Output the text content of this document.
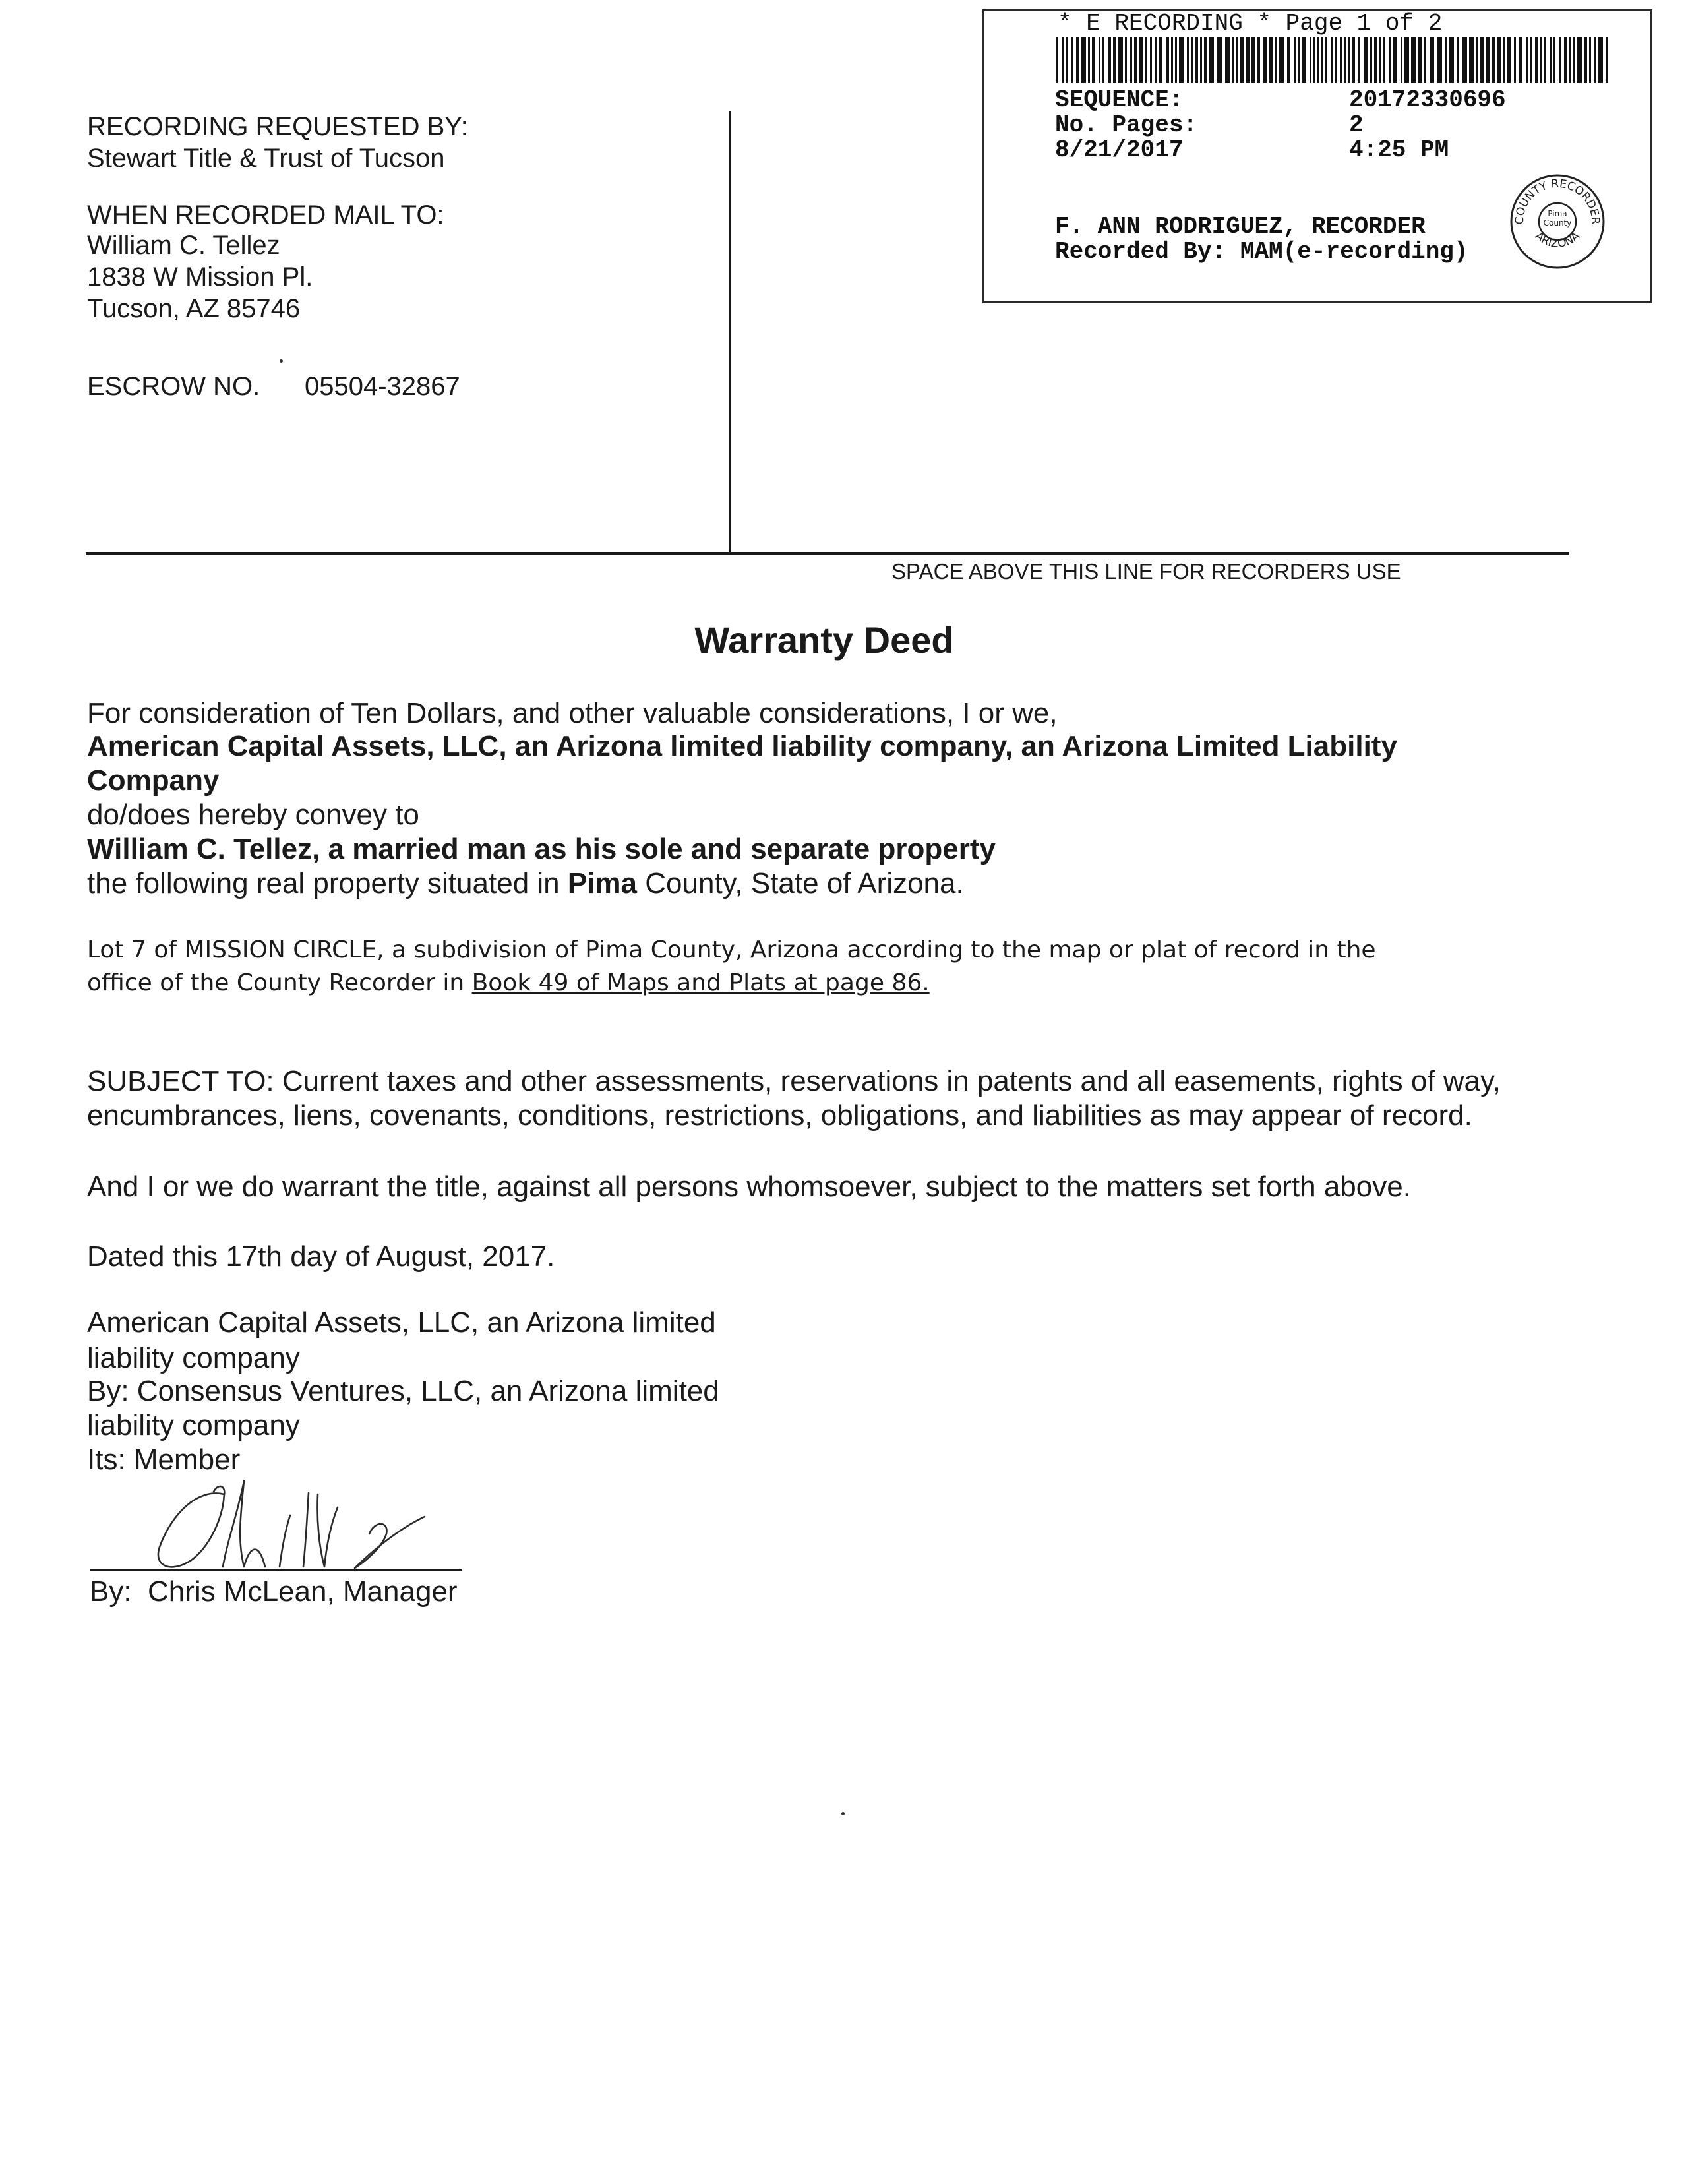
* E RECORDING * Page 1 of 2
SEQUENCE:	20172330696
No. Pages:	2
8/21/2017	4:25 PM
F. ANN RODRIGUEZ, RECORDER
Recorded By: MAM(e-recording)
COUNTY RECORDER
ARIZONA
Pima County
RECORDING REQUESTED BY:
Stewart Title & Trust of Tucson
WHEN RECORDED MAIL TO:
William C. Tellez
1838 W Mission Pl.
Tucson, AZ 85746
ESCROW NO. 05504-32867
SPACE ABOVE THIS LINE FOR RECORDERS USE
Warranty Deed
For consideration of Ten Dollars, and other valuable considerations, I or we,
American Capital Assets, LLC, an Arizona limited liability company, an Arizona Limited Liability
Company
do/does hereby convey to
William C. Tellez, a married man as his sole and separate property
the following real property situated in Pima County, State of Arizona.
Lot 7 of MISSION CIRCLE, a subdivision of Pima County, Arizona according to the map or plat of record in the
office of the County Recorder in Book 49 of Maps and Plats at page 86.
SUBJECT TO: Current taxes and other assessments, reservations in patents and all easements, rights of way,
encumbrances, liens, covenants, conditions, restrictions, obligations, and liabilities as may appear of record.
And I or we do warrant the title, against all persons whomsoever, subject to the matters set forth above.
Dated this 17th day of August, 2017.
American Capital Assets, LLC, an Arizona limited
liability company
By: Consensus Ventures, LLC, an Arizona limited
liability company
Its: Member
By:  Chris McLean, Manager
